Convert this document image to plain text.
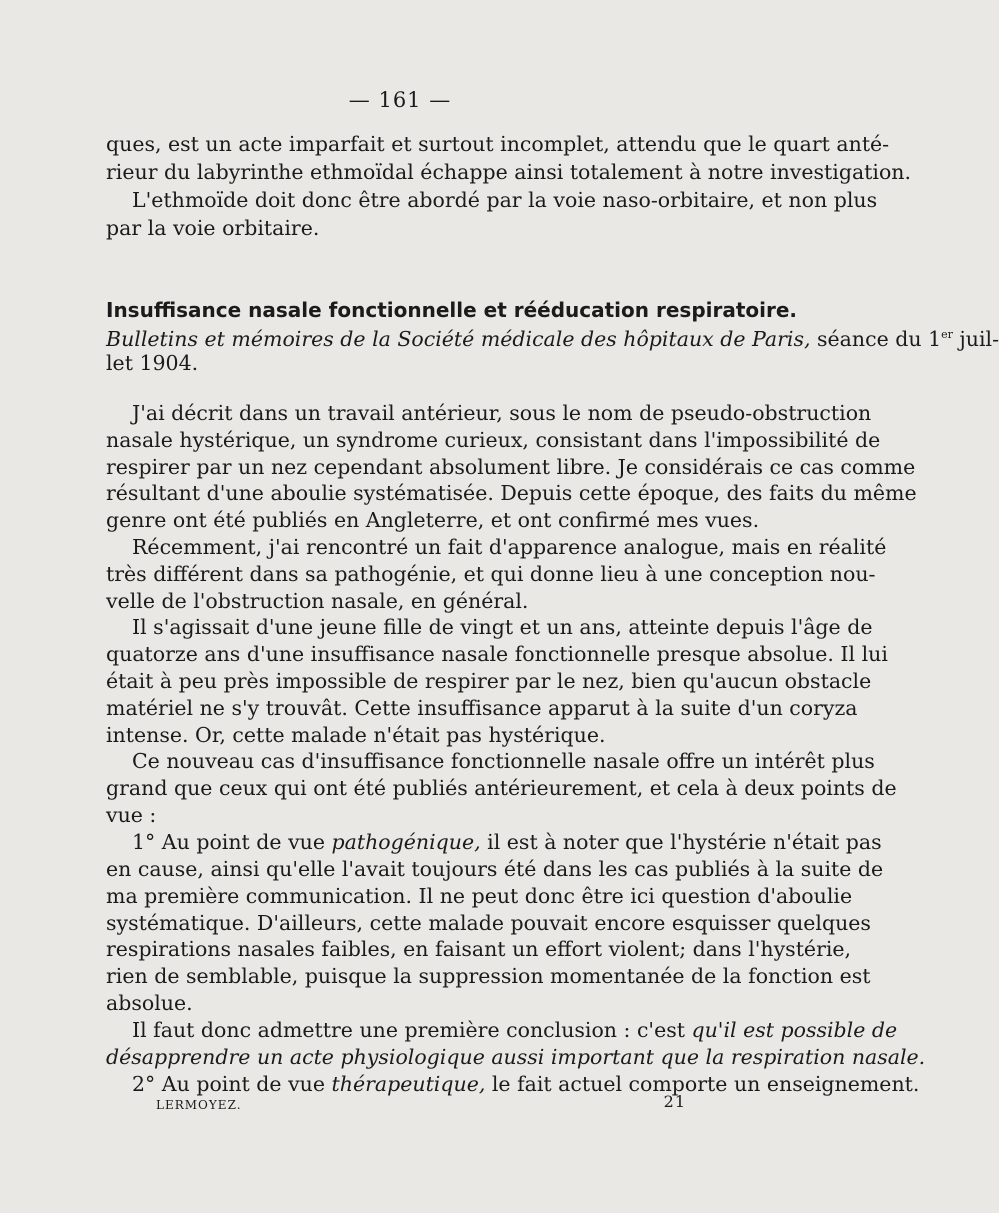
— 161 —
ques, est un acte imparfait et surtout incomplet, attendu que le quart anté-
rieur du labyrinthe ethmoïdal échappe ainsi totalement à notre investigation.
L'ethmoïde doit donc être abordé par la voie naso-orbitaire, et non plus
par la voie orbitaire.
Insuffisance nasale fonctionnelle et rééducation respiratoire.
Bulletins et mémoires de la Société médicale des hôpitaux de Paris, séance du 1er juil-
let 1904.
J'ai décrit dans un travail antérieur, sous le nom de pseudo-obstruction
nasale hystérique, un syndrome curieux, consistant dans l'impossibilité de
respirer par un nez cependant absolument libre. Je considérais ce cas comme
résultant d'une aboulie systématisée. Depuis cette époque, des faits du même
genre ont été publiés en Angleterre, et ont confirmé mes vues.
Récemment, j'ai rencontré un fait d'apparence analogue, mais en réalité
très différent dans sa pathogénie, et qui donne lieu à une conception nou-
velle de l'obstruction nasale, en général.
Il s'agissait d'une jeune fille de vingt et un ans, atteinte depuis l'âge de
quatorze ans d'une insuffisance nasale fonctionnelle presque absolue. Il lui
était à peu près impossible de respirer par le nez, bien qu'aucun obstacle
matériel ne s'y trouvât. Cette insuffisance apparut à la suite d'un coryza
intense. Or, cette malade n'était pas hystérique.
Ce nouveau cas d'insuffisance fonctionnelle nasale offre un intérêt plus
grand que ceux qui ont été publiés antérieurement, et cela à deux points de
vue :
1° Au point de vue pathogénique, il est à noter que l'hystérie n'était pas
en cause, ainsi qu'elle l'avait toujours été dans les cas publiés à la suite de
ma première communication. Il ne peut donc être ici question d'aboulie
systématique. D'ailleurs, cette malade pouvait encore esquisser quelques
respirations nasales faibles, en faisant un effort violent; dans l'hystérie,
rien de semblable, puisque la suppression momentanée de la fonction est
absolue.
Il faut donc admettre une première conclusion : c'est qu'il est possible de
désapprendre un acte physiologique aussi important que la respiration nasale.
2° Au point de vue thérapeutique, le fait actuel comporte un enseignement.
LERMOYEZ.	21
